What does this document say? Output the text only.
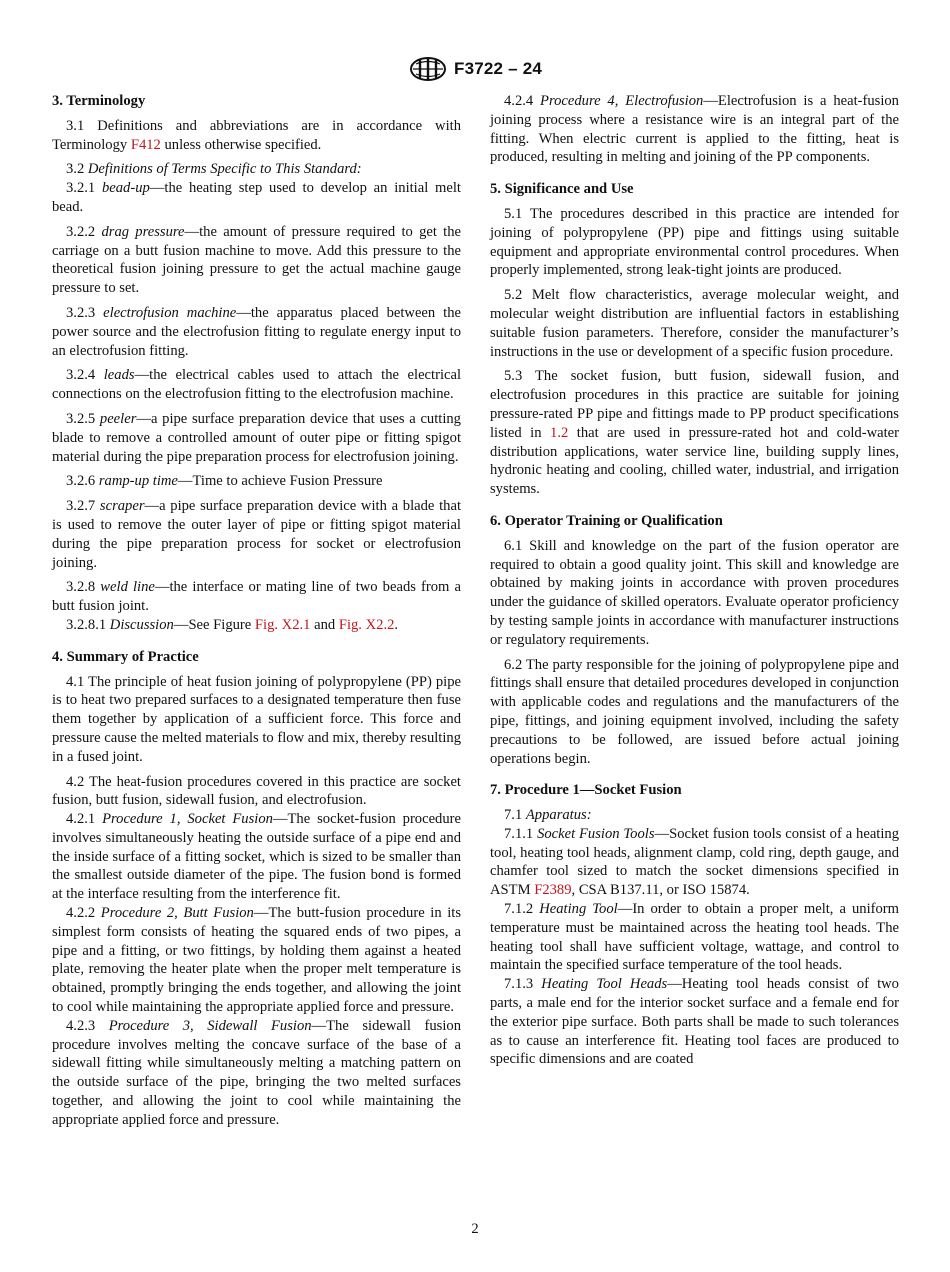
F3722 – 24
3. Terminology

3.1 Definitions and abbreviations are in accordance with Terminology F412 unless otherwise specified.

3.2 Definitions of Terms Specific to This Standard:

3.2.1 bead-up—the heating step used to develop an initial melt bead.

3.2.2 drag pressure—the amount of pressure required to get the carriage on a butt fusion machine to move. Add this pressure to the theoretical fusion joining pressure to get the actual machine gauge pressure to set.

3.2.3 electrofusion machine—the apparatus placed between the power source and the electrofusion fitting to regulate energy input to an electrofusion fitting.

3.2.4 leads—the electrical cables used to attach the electrical connections on the electrofusion fitting to the electrofusion machine.

3.2.5 peeler—a pipe surface preparation device that uses a cutting blade to remove a controlled amount of outer pipe or fitting spigot material during the pipe preparation process for electrofusion joining.

3.2.6 ramp-up time—Time to achieve Fusion Pressure

3.2.7 scraper—a pipe surface preparation device with a blade that is used to remove the outer layer of pipe or fitting spigot material during the pipe preparation process for socket or electrofusion joining.

3.2.8 weld line—the interface or mating line of two beads from a butt fusion joint.

3.2.8.1 Discussion—See Figure Fig. X2.1 and Fig. X2.2.

4. Summary of Practice

4.1 The principle of heat fusion joining of polypropylene (PP) pipe is to heat two prepared surfaces to a designated temperature then fuse them together by application of a sufficient force. This force and pressure cause the melted materials to flow and mix, thereby resulting in a fused joint.

4.2 The heat-fusion procedures covered in this practice are socket fusion, butt fusion, sidewall fusion, and electrofusion.

4.2.1 Procedure 1, Socket Fusion—The socket-fusion procedure involves simultaneously heating the outside surface of a pipe end and the inside surface of a fitting socket, which is sized to be smaller than the smallest outside diameter of the pipe. The fusion bond is formed at the interface resulting from the interference fit.

4.2.2 Procedure 2, Butt Fusion—The butt-fusion procedure in its simplest form consists of heating the squared ends of two pipes, a pipe and a fitting, or two fittings, by holding them against a heated plate, removing the heater plate when the proper melt temperature is obtained, promptly bringing the ends together, and allowing the joint to cool while maintaining the appropriate applied force and pressure.

4.2.3 Procedure 3, Sidewall Fusion—The sidewall fusion procedure involves melting the concave surface of the base of a sidewall fitting while simultaneously melting a matching pattern on the outside surface of the pipe, bringing the two melted surfaces together, and allowing the joint to cool while maintaining the appropriate applied force and pressure.

4.2.4 Procedure 4, Electrofusion—Electrofusion is a heat-fusion joining process where a resistance wire is an integral part of the fitting. When electric current is applied to the fitting, heat is produced, resulting in melting and joining of the PP components.

5. Significance and Use

5.1 The procedures described in this practice are intended for joining of polypropylene (PP) pipe and fittings using suitable equipment and appropriate environmental control procedures. When properly implemented, strong leak-tight joints are produced.

5.2 Melt flow characteristics, average molecular weight, and molecular weight distribution are influential factors in establishing suitable fusion parameters. Therefore, consider the manufacturer’s instructions in the use or development of a specific fusion procedure.

5.3 The socket fusion, butt fusion, sidewall fusion, and electrofusion procedures in this practice are suitable for joining pressure-rated PP pipe and fittings made to PP product specifications listed in 1.2 that are used in pressure-rated hot and cold-water distribution applications, water service line, building supply lines, hydronic heating and cooling, chilled water, industrial, and irrigation systems.

6. Operator Training or Qualification

6.1 Skill and knowledge on the part of the fusion operator are required to obtain a good quality joint. This skill and knowledge are obtained by making joints in accordance with proven procedures under the guidance of skilled operators. Evaluate operator proficiency by testing sample joints in accordance with manufacturer instructions or regulatory requirements.

6.2 The party responsible for the joining of polypropylene pipe and fittings shall ensure that detailed procedures developed in conjunction with applicable codes and regulations and the manufacturers of the pipe, fittings, and joining equipment involved, including the safety precautions to be followed, are issued before actual joining operations begin.

7. Procedure 1—Socket Fusion

7.1 Apparatus:

7.1.1 Socket Fusion Tools—Socket fusion tools consist of a heating tool, heating tool heads, alignment clamp, cold ring, depth gauge, and chamfer tool sized to match the socket dimensions specified in ASTM F2389, CSA B137.11, or ISO 15874.

7.1.2 Heating Tool—In order to obtain a proper melt, a uniform temperature must be maintained across the heating tool heads. The heating tool shall have sufficient voltage, wattage, and control to maintain the specified surface temperature of the tool heads.

7.1.3 Heating Tool Heads—Heating tool heads consist of two parts, a male end for the interior socket surface and a female end for the exterior pipe surface. Both parts shall be made to such tolerances as to cause an interference fit. Heating tool faces are produced to specific dimensions and are coated

2
